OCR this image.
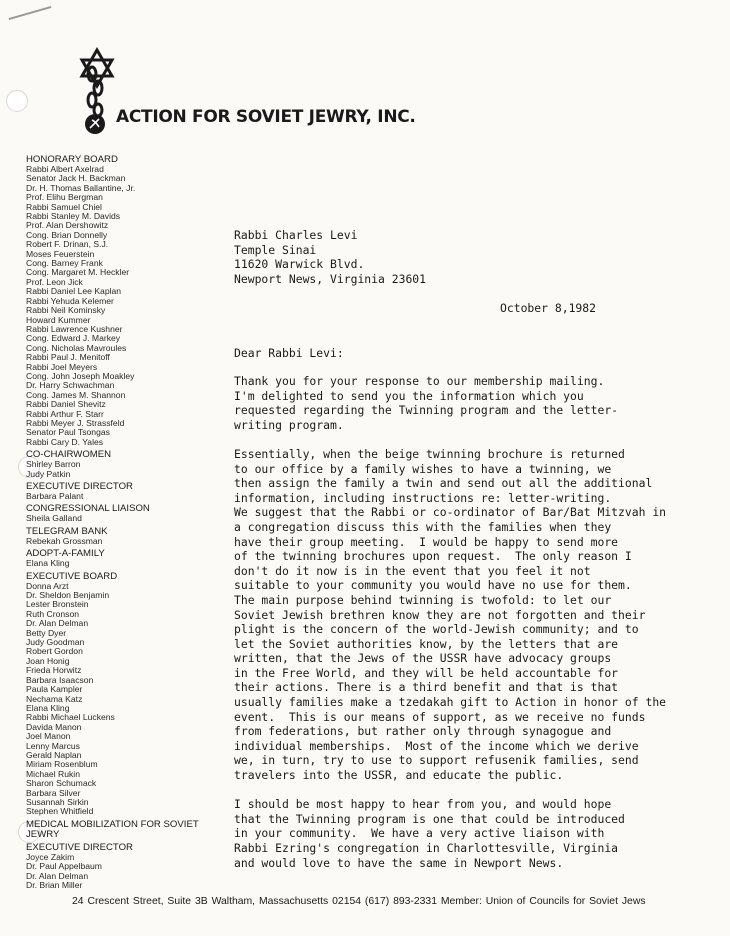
ACTION FOR SOVIET JEWRY, INC.
HONORARY BOARD
Rabbi Albert Axelrad
Senator Jack H. Backman
Dr. H. Thomas Ballantine, Jr.
Prof. Elihu Bergman
Rabbi Samuel Chiel
Rabbi Stanley M. Davids
Prof. Alan Dershowitz
Cong. Brian Donnelly
Robert F. Drinan, S.J.
Moses Feuerstein
Cong. Barney Frank
Cong. Margaret M. Heckler
Prof. Leon Jick
Rabbi Daniel Lee Kaplan
Rabbi Yehuda Kelemer
Rabbi Neil Kominsky
Howard Kummer
Rabbi Lawrence Kushner
Cong. Edward J. Markey
Cong. Nicholas Mavroules
Rabbi Paul J. Menitoff
Rabbi Joel Meyers
Cong. John Joseph Moakley
Dr. Harry Schwachman
Cong. James M. Shannon
Rabbi Daniel Shevitz
Rabbi Arthur F. Starr
Rabbi Meyer J. Strassfeld
Senator Paul Tsongas
Rabbi Cary D. Yales
CO-CHAIRWOMEN
Shirley Barron
Judy Patkin
EXECUTIVE DIRECTOR
Barbara Palant
CONGRESSIONAL LIAISON
Sheila Galland
TELEGRAM BANK
Rebekah Grossman
ADOPT-A-FAMILY
Elana Kling
EXECUTIVE BOARD
Donna Arzt
Dr. Sheldon Benjamin
Lester Bronstein
Ruth Cronson
Dr. Alan Delman
Betty Dyer
Judy Goodman
Robert Gordon
Joan Honig
Frieda Horwitz
Barbara Isaacson
Paula Kampler
Nechama Katz
Elana Kling
Rabbi Michael Luckens
Davida Manon
Joel Manon
Lenny Marcus
Gerald Naplan
Miriam Rosenblum
Michael Rukin
Sharon Schumack
Barbara Silver
Susannah Sirkin
Stephen Whitfield
MEDICAL MOBILIZATION FOR SOVIET JEWRY
EXECUTIVE DIRECTOR
Joyce Zakim
Dr. Paul Appelbaum
Dr. Alan Delman
Dr. Brian Miller
Rabbi Charles Levi
Temple Sinai
11620 Warwick Blvd.
Newport News, Virginia 23601
October 8,1982
Dear Rabbi Levi:
Thank you for your response to our membership mailing.
I'm delighted to send you the information which you
requested regarding the Twinning program and the letter-
writing program.
Essentially, when the beige twinning brochure is returned
to our office by a family wishes to have a twinning, we
then assign the family a twin and send out all the additional
information, including instructions re: letter-writing.
We suggest that the Rabbi or co-ordinator of Bar/Bat Mitzvah in
a congregation discuss this with the families when they
have their group meeting.  I would be happy to send more
of the twinning brochures upon request.  The only reason I
don't do it now is in the event that you feel it not
suitable to your community you would have no use for them.
The main purpose behind twinning is twofold: to let our
Soviet Jewish brethren know they are not forgotten and their
plight is the concern of the world-Jewish community; and to
let the Soviet authorities know, by the letters that are
written, that the Jews of the USSR have advocacy groups
in the Free World, and they will be held accountable for
their actions. There is a third benefit and that is that
usually families make a tzedakah gift to Action in honor of the
event.  This is our means of support, as we receive no funds
from federations, but rather only through synagogue and
individual memberships.  Most of the income which we derive
we, in turn, try to use to support refusenik families, send
travelers into the USSR, and educate the public.
I should be most happy to hear from you, and would hope
that the Twinning program is one that could be introduced
in your community.  We have a very active liaison with
Rabbi Ezring's congregation in Charlottesville, Virginia
and would love to have the same in Newport News.
24 Crescent Street, Suite 3B Waltham, Massachusetts 02154 (617) 893-2331 Member: Union of Councils for Soviet Jews
